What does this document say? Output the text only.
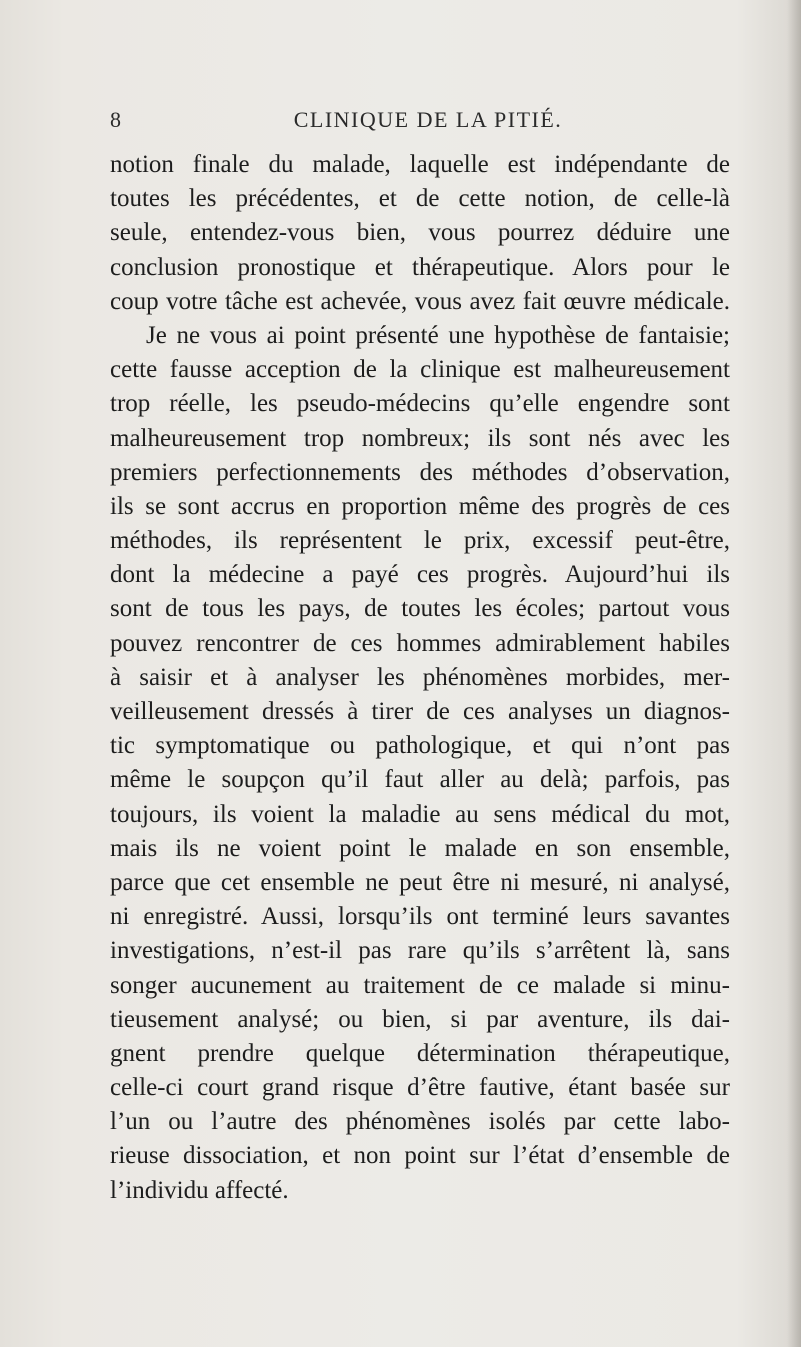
8	CLINIQUE DE LA PITIÉ.
notion finale du malade, laquelle est indépendante de
toutes les précédentes, et de cette notion, de celle-là
seule, entendez-vous bien, vous pourrez déduire une
conclusion pronostique et thérapeutique. Alors pour le
coup votre tâche est achevée, vous avez fait œuvre médicale.
Je ne vous ai point présenté une hypothèse de fantaisie;
cette fausse acception de la clinique est malheureusement
trop réelle, les pseudo-médecins qu’elle engendre sont
malheureusement trop nombreux; ils sont nés avec les
premiers perfectionnements des méthodes d’observation,
ils se sont accrus en proportion même des progrès de ces
méthodes, ils représentent le prix, excessif peut-être,
dont la médecine a payé ces progrès. Aujourd’hui ils
sont de tous les pays, de toutes les écoles; partout vous
pouvez rencontrer de ces hommes admirablement habiles
à saisir et à analyser les phénomènes morbides, mer-
veilleusement dressés à tirer de ces analyses un diagnos-
tic symptomatique ou pathologique, et qui n’ont pas
même le soupçon qu’il faut aller au delà; parfois, pas
toujours, ils voient la maladie au sens médical du mot,
mais ils ne voient point le malade en son ensemble,
parce que cet ensemble ne peut être ni mesuré, ni analysé,
ni enregistré. Aussi, lorsqu’ils ont terminé leurs savantes
investigations, n’est-il pas rare qu’ils s’arrêtent là, sans
songer aucunement au traitement de ce malade si minu-
tieusement analysé; ou bien, si par aventure, ils dai-
gnent prendre quelque détermination thérapeutique,
celle-ci court grand risque d’être fautive, étant basée sur
l’un ou l’autre des phénomènes isolés par cette labo-
rieuse dissociation, et non point sur l’état d’ensemble de
l’individu affecté.
